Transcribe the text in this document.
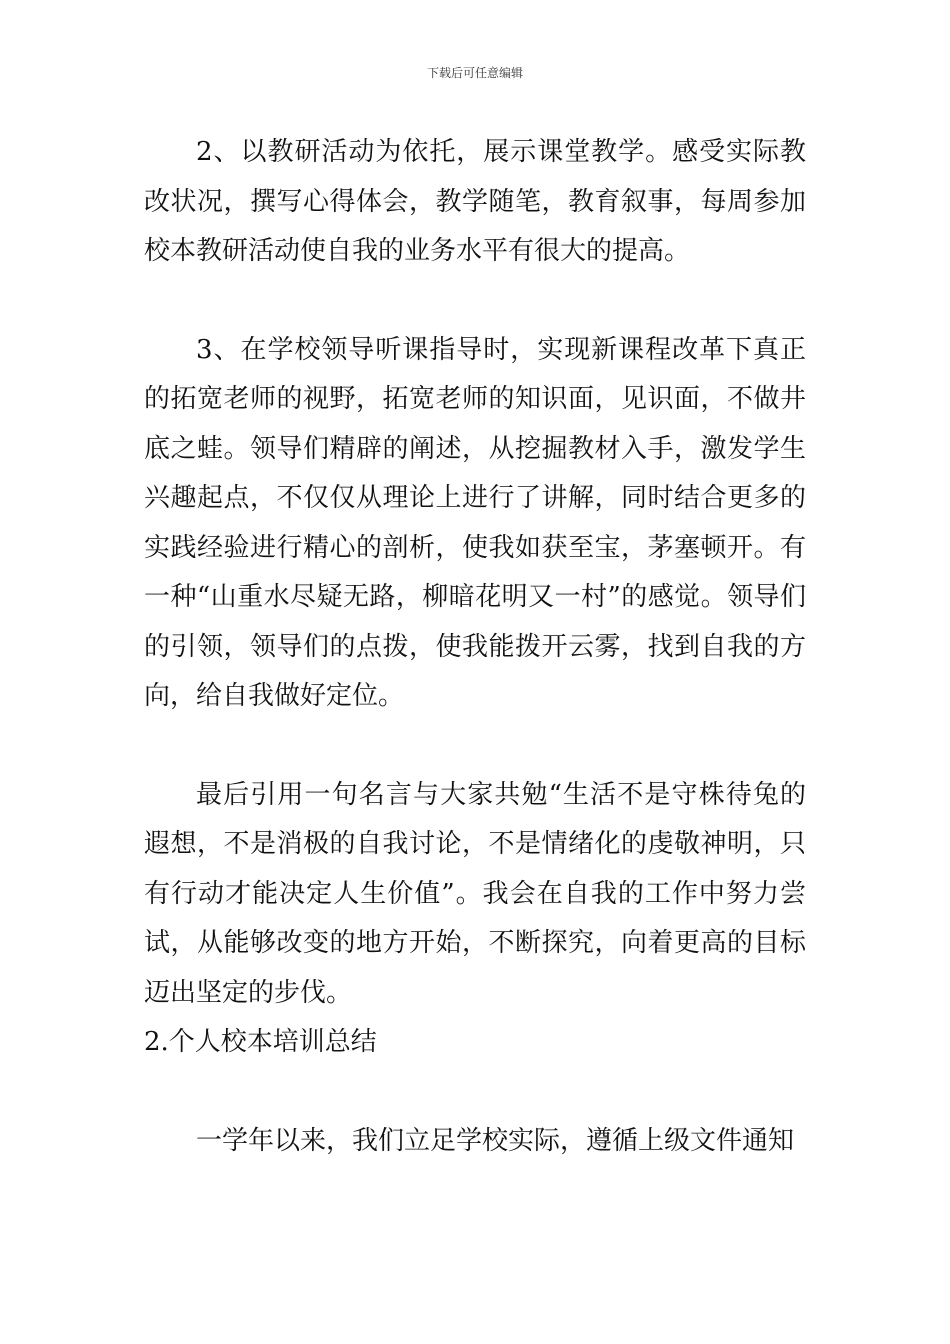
下载后可任意编辑

2、以教研活动为依托，展示课堂教学。感受实际教改状况，撰写心得体会，教学随笔，教育叙事，每周参加校本教研活动使自我的业务水平有很大的提高。

3、在学校领导听课指导时，实现新课程改革下真正的拓宽老师的视野，拓宽老师的知识面，见识面，不做井底之蛙。领导们精辟的阐述，从挖掘教材入手，激发学生兴趣起点，不仅仅从理论上进行了讲解，同时结合更多的实践经验进行精心的剖析，使我如获至宝，茅塞顿开。有一种“山重水尽疑无路，柳暗花明又一村”的感觉。领导们的引领，领导们的点拨，使我能拨开云雾，找到自我的方向，给自我做好定位。

最后引用一句名言与大家共勉“生活不是守株待兔的遐想，不是消极的自我讨论，不是情绪化的虔敬神明，只有行动才能决定人生价值”。我会在自我的工作中努力尝试，从能够改变的地方开始，不断探究，向着更高的目标迈出坚定的步伐。

2.个人校本培训总结

一学年以来，我们立足学校实际，遵循上级文件通知
